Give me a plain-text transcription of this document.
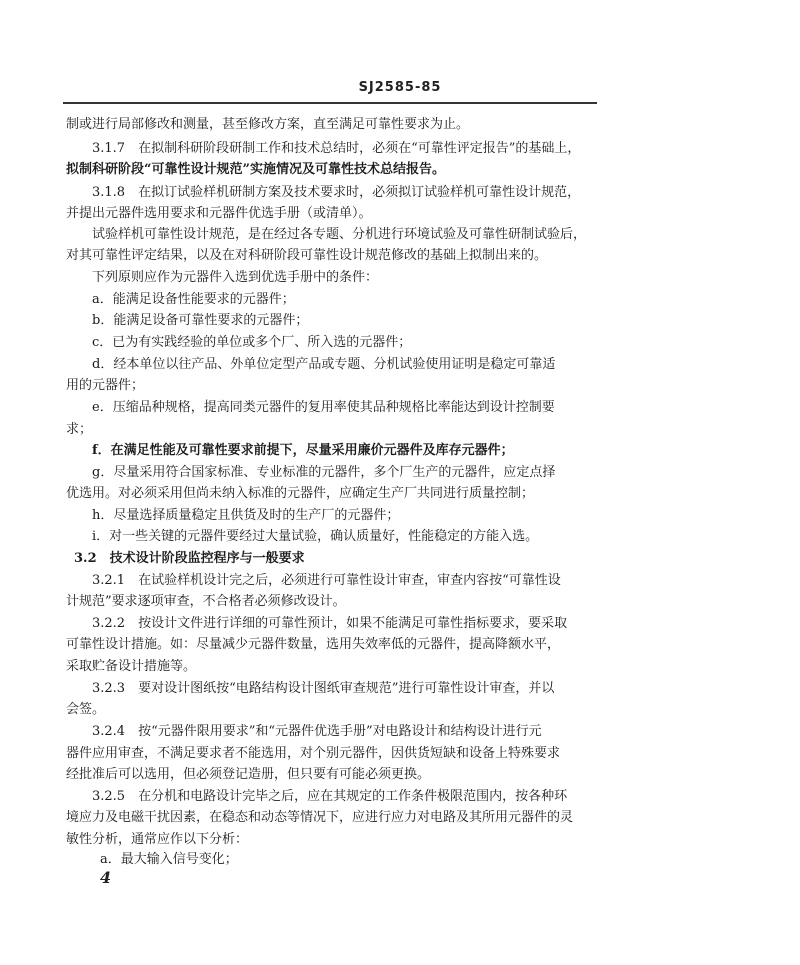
SJ2585-85
制或进行局部修改和测量，甚至修改方案，直至满足可靠性要求为止。
3.1.7　在拟制科研阶段研制工作和技术总结时，必须在“可靠性评定报告”的基础上，
拟制科研阶段“可靠性设计规范”实施情况及可靠性技术总结报告。
3.1.8　在拟订试验样机研制方案及技术要求时，必须拟订试验样机可靠性设计规范，
并提出元器件选用要求和元器件优选手册（或清单）。
试验样机可靠性设计规范，是在经过各专题、分机进行环境试验及可靠性研制试验后，
对其可靠性评定结果，以及在对科研阶段可靠性设计规范修改的基础上拟制出来的。
下列原则应作为元器件入选到优选手册中的条件：
a．能满足设备性能要求的元器件；
b．能满足设备可靠性要求的元器件；
c．已为有实践经验的单位或多个厂、所入选的元器件；
d．经本单位以往产品、外单位定型产品或专题、分机试验使用证明是稳定可靠适
用的元器件；
e．压缩品种规格，提高同类元器件的复用率使其品种规格比率能达到设计控制要
求；
f．在满足性能及可靠性要求前提下，尽量采用廉价元器件及库存元器件；
g．尽量采用符合国家标准、专业标准的元器件，多个厂生产的元器件，应定点择
优选用。对必须采用但尚未纳入标准的元器件，应确定生产厂共同进行质量控制；
h．尽量选择质量稳定且供货及时的生产厂的元器件；
i．对一些关键的元器件要经过大量试验，确认质量好，性能稳定的方能入选。
3.2　技术设计阶段监控程序与一般要求
3.2.1　在试验样机设计完之后，必须进行可靠性设计审查，审查内容按“可靠性设
计规范”要求逐项审查，不合格者必须修改设计。
3.2.2　按设计文件进行详细的可靠性预计，如果不能满足可靠性指标要求，要采取
可靠性设计措施。如：尽量减少元器件数量，选用失效率低的元器件，提高降额水平，
采取贮备设计措施等。
3.2.3　要对设计图纸按“电路结构设计图纸审查规范”进行可靠性设计审查，并以
会签。
3.2.4　按“元器件限用要求”和“元器件优选手册”对电路设计和结构设计进行元
器件应用审查，不满足要求者不能选用，对个别元器件，因供货短缺和设备上特殊要求
经批准后可以选用，但必须登记造册，但只要有可能必须更换。
3.2.5　在分机和电路设计完毕之后，应在其规定的工作条件极限范围内，按各种环
境应力及电磁干扰因素，在稳态和动态等情况下，应进行应力对电路及其所用元器件的灵
敏性分析，通常应作以下分析：
a．最大输入信号变化；
4
